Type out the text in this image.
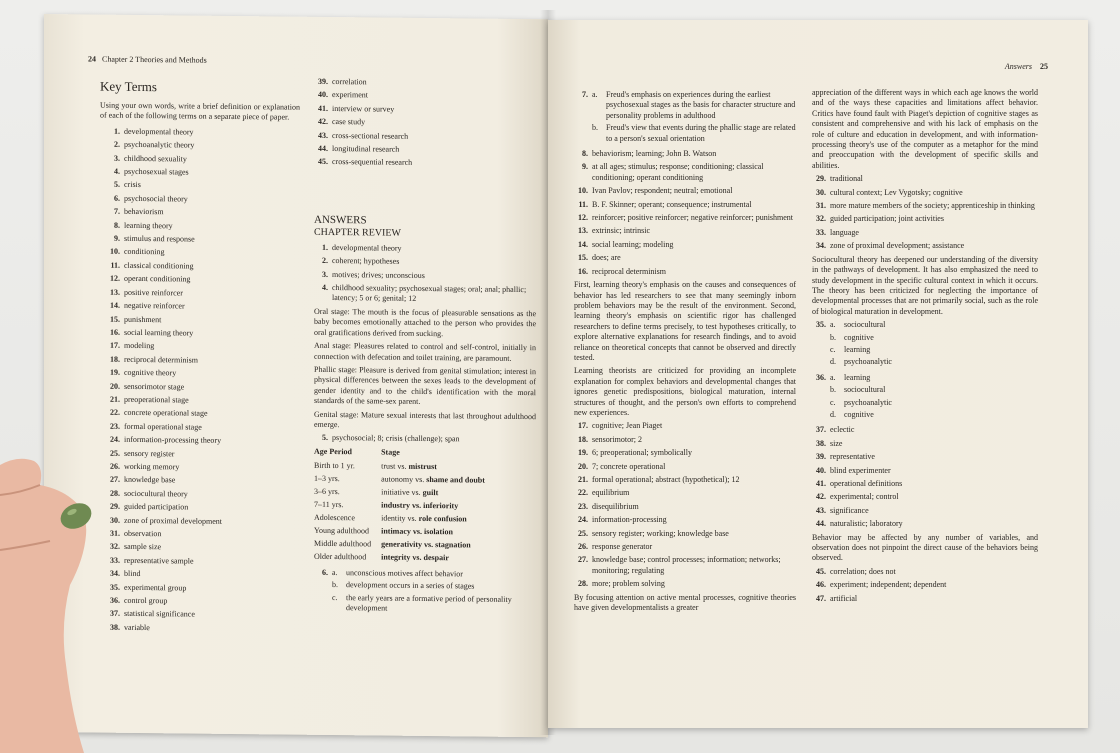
24 Chapter 2 Theories and Methods
Key Terms

Using your own words, write a brief definition or explanation of each of the following terms on a separate piece of paper.

1. developmental theory
2. psychoanalytic theory
3. childhood sexuality
4. psychosexual stages
5. crisis
6. psychosocial theory
7. behaviorism
8. learning theory
9. stimulus and response
10. conditioning
11. classical conditioning
12. operant conditioning
13. positive reinforcer
14. negative reinforcer
15. punishment
16. social learning theory
17. modeling
18. reciprocal determinism
19. cognitive theory
20. sensorimotor stage
21. preoperational stage
22. concrete operational stage
23. formal operational stage
24. information-processing theory
25. sensory register
26. working memory
27. knowledge base
28. sociocultural theory
29. guided participation
30. zone of proximal development
31. observation
32. sample size
33. representative sample
34. blind
35. experimental group
36. control group
37. statistical significance
38. variable
39. correlation
40. experiment
41. interview or survey
42. case study
43. cross-sectional research
44. longitudinal research
45. cross-sequential research
ANSWERS
CHAPTER REVIEW
1. developmental theory
2. coherent; hypotheses
3. motives; drives; unconscious
4. childhood sexuality; psychosexual stages; oral; anal; phallic; latency; 5 or 6; genital; 12

Oral stage: The mouth is the focus of pleasurable sensations as the baby becomes emotionally attached to the person who provides the oral gratifications derived from sucking.

Anal stage: Pleasures related to control and self-control, initially in connection with defecation and toilet training, are paramount.

Phallic stage: Pleasure is derived from genital stimulation; interest in physical differences between the sexes leads to the development of gender identity and to the child's identification with the moral standards of the same-sex parent.

Genital stage: Mature sexual interests that last throughout adulthood emerge.

5. psychosocial; 8; crisis (challenge); span
Age Period	Stage
Birth to 1 yr.	trust vs. mistrust
1–3 yrs.	autonomy vs. shame and doubt
3–6 yrs.	initiative vs. guilt
7–11 yrs.	industry vs. inferiority
Adolescence	identity vs. role confusion
Young adulthood	intimacy vs. isolation
Middle adulthood	generativity vs. stagnation
Older adulthood	integrity vs. despair
6. a.	unconscious motives affect behavior
b.	development occurs in a series of stages
c.	the early years are a formative period of personality development
Answers 25
7. a.	Freud's emphasis on experiences during the earliest psychosexual stages as the basis for character structure and personality problems in adulthood
b.	Freud's view that events during the phallic stage are related to a person's sexual orientation
8. behaviorism; learning; John B. Watson
9. at all ages; stimulus; response; conditioning; classical conditioning; operant conditioning
10. Ivan Pavlov; respondent; neutral; emotional
11. B. F. Skinner; operant; consequence; instrumental
12. reinforcer; positive reinforcer; negative reinforcer; punishment
13. extrinsic; intrinsic
14. social learning; modeling
15. does; are
16. reciprocal determinism

First, learning theory's emphasis on the causes and consequences of behavior has led researchers to see that many seemingly inborn problem behaviors may be the result of the environment. Second, learning theory's emphasis on scientific rigor has challenged researchers to define terms precisely, to test hypotheses critically, to explore alternative explanations for research findings, and to avoid reliance on theoretical concepts that cannot be observed and directly tested.

Learning theorists are criticized for providing an incomplete explanation for complex behaviors and developmental changes that ignores genetic predispositions, biological maturation, internal structures of thought, and the person's own efforts to comprehend new experiences.

17. cognitive; Jean Piaget
18. sensorimotor; 2
19. 6; preoperational; symbolically
20. 7; concrete operational
21. formal operational; abstract (hypothetical); 12
22. equilibrium
23. disequilibrium
24. information-processing
25. sensory register; working; knowledge base
26. response generator
27. knowledge base; control processes; information; networks; monitoring; regulating
28. more; problem solving

By focusing attention on active mental processes, cognitive theories have given developmentalists a greater

appreciation of the different ways in which each age knows the world and of the ways these capacities and limitations affect behavior. Critics have found fault with Piaget's depiction of cognitive stages as consistent and comprehensive and with his lack of emphasis on the role of culture and education in development, and with information-processing theory's use of the computer as a metaphor for the mind and preoccupation with the development of specific skills and abilities.

29. traditional
30. cultural context; Lev Vygotsky; cognitive
31. more mature members of the society; apprenticeship in thinking
32. guided participation; joint activities
33. language
34. zone of proximal development; assistance

Sociocultural theory has deepened our understanding of the diversity in the pathways of development. It has also emphasized the need to study development in the specific cultural context in which it occurs. The theory has been criticized for neglecting the importance of developmental processes that are not primarily social, such as the role of biological maturation in development.

35. a.	sociocultural
b.	cognitive
c.	learning
d.	psychoanalytic
36. a.	learning
b.	sociocultural
c.	psychoanalytic
d.	cognitive
37. eclectic
38. size
39. representative
40. blind experimenter
41. operational definitions
42. experimental; control
43. significance
44. naturalistic; laboratory

Behavior may be affected by any number of variables, and observation does not pinpoint the direct cause of the behaviors being observed.

45. correlation; does not
46. experiment; independent; dependent
47. artificial
